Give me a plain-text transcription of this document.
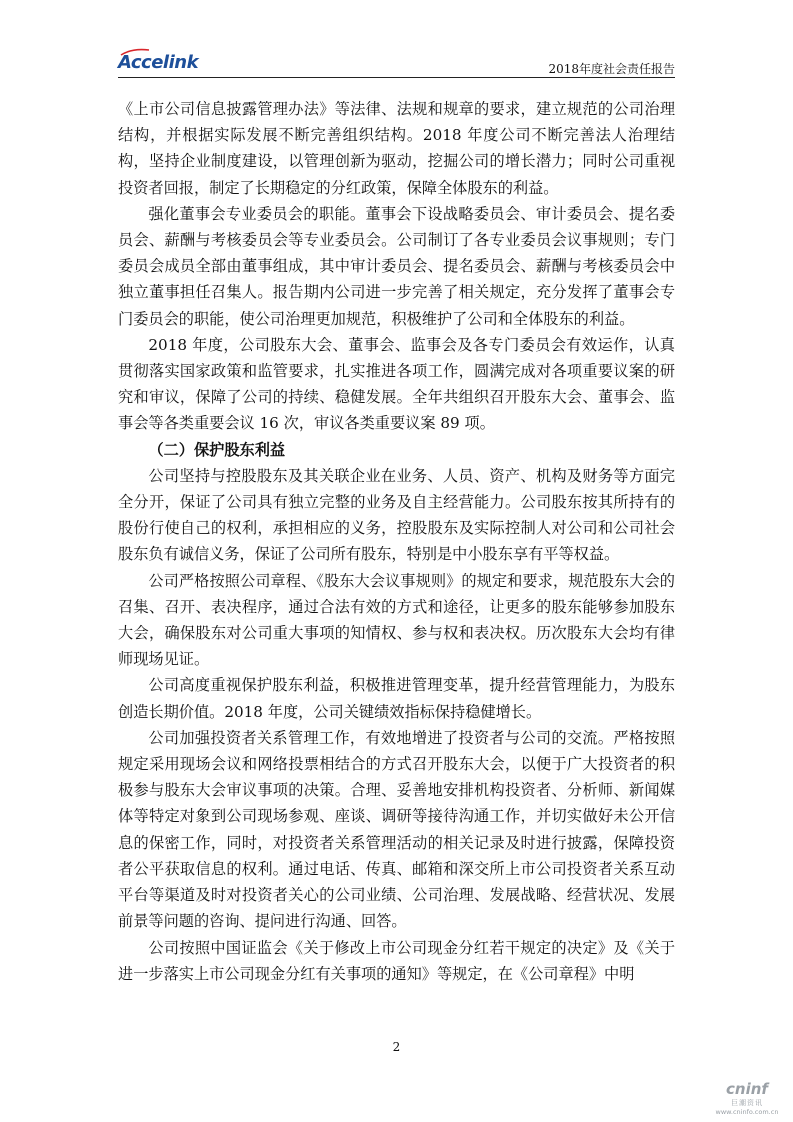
Accelink	2018年度社会责任报告

《上市公司信息披露管理办法》等法律、法规和规章的要求，建立规范的公司治理结构，并根据实际发展不断完善组织结构。2018 年度公司不断完善法人治理结构，坚持企业制度建设，以管理创新为驱动，挖掘公司的增长潜力；同时公司重视投资者回报，制定了长期稳定的分红政策，保障全体股东的利益。

强化董事会专业委员会的职能。董事会下设战略委员会、审计委员会、提名委员会、薪酬与考核委员会等专业委员会。公司制订了各专业委员会议事规则；专门委员会成员全部由董事组成，其中审计委员会、提名委员会、薪酬与考核委员会中独立董事担任召集人。报告期内公司进一步完善了相关规定，充分发挥了董事会专门委员会的职能，使公司治理更加规范，积极维护了公司和全体股东的利益。

2018 年度，公司股东大会、董事会、监事会及各专门委员会有效运作，认真贯彻落实国家政策和监管要求，扎实推进各项工作，圆满完成对各项重要议案的研究和审议，保障了公司的持续、稳健发展。全年共组织召开股东大会、董事会、监事会等各类重要会议 16 次，审议各类重要议案 89 项。

（二）保护股东利益

公司坚持与控股股东及其关联企业在业务、人员、资产、机构及财务等方面完全分开，保证了公司具有独立完整的业务及自主经营能力。公司股东按其所持有的股份行使自己的权利，承担相应的义务，控股股东及实际控制人对公司和公司社会股东负有诚信义务，保证了公司所有股东，特别是中小股东享有平等权益。

公司严格按照公司章程、《股东大会议事规则》的规定和要求，规范股东大会的召集、召开、表决程序，通过合法有效的方式和途径，让更多的股东能够参加股东大会，确保股东对公司重大事项的知情权、参与权和表决权。历次股东大会均有律师现场见证。

公司高度重视保护股东利益，积极推进管理变革，提升经营管理能力，为股东创造长期价值。2018 年度，公司关键绩效指标保持稳健增长。

公司加强投资者关系管理工作，有效地增进了投资者与公司的交流。严格按照规定采用现场会议和网络投票相结合的方式召开股东大会，以便于广大投资者的积极参与股东大会审议事项的决策。合理、妥善地安排机构投资者、分析师、新闻媒体等特定对象到公司现场参观、座谈、调研等接待沟通工作，并切实做好未公开信息的保密工作，同时，对投资者关系管理活动的相关记录及时进行披露，保障投资者公平获取信息的权利。通过电话、传真、邮箱和深交所上市公司投资者关系互动平台等渠道及时对投资者关心的公司业绩、公司治理、发展战略、经营状况、发展前景等问题的咨询、提问进行沟通、回答。

公司按照中国证监会《关于修改上市公司现金分红若干规定的决定》及《关于进一步落实上市公司现金分红有关事项的通知》等规定，在《公司章程》中明

2
cninf
巨潮资讯
www.cninfo.com.cn
